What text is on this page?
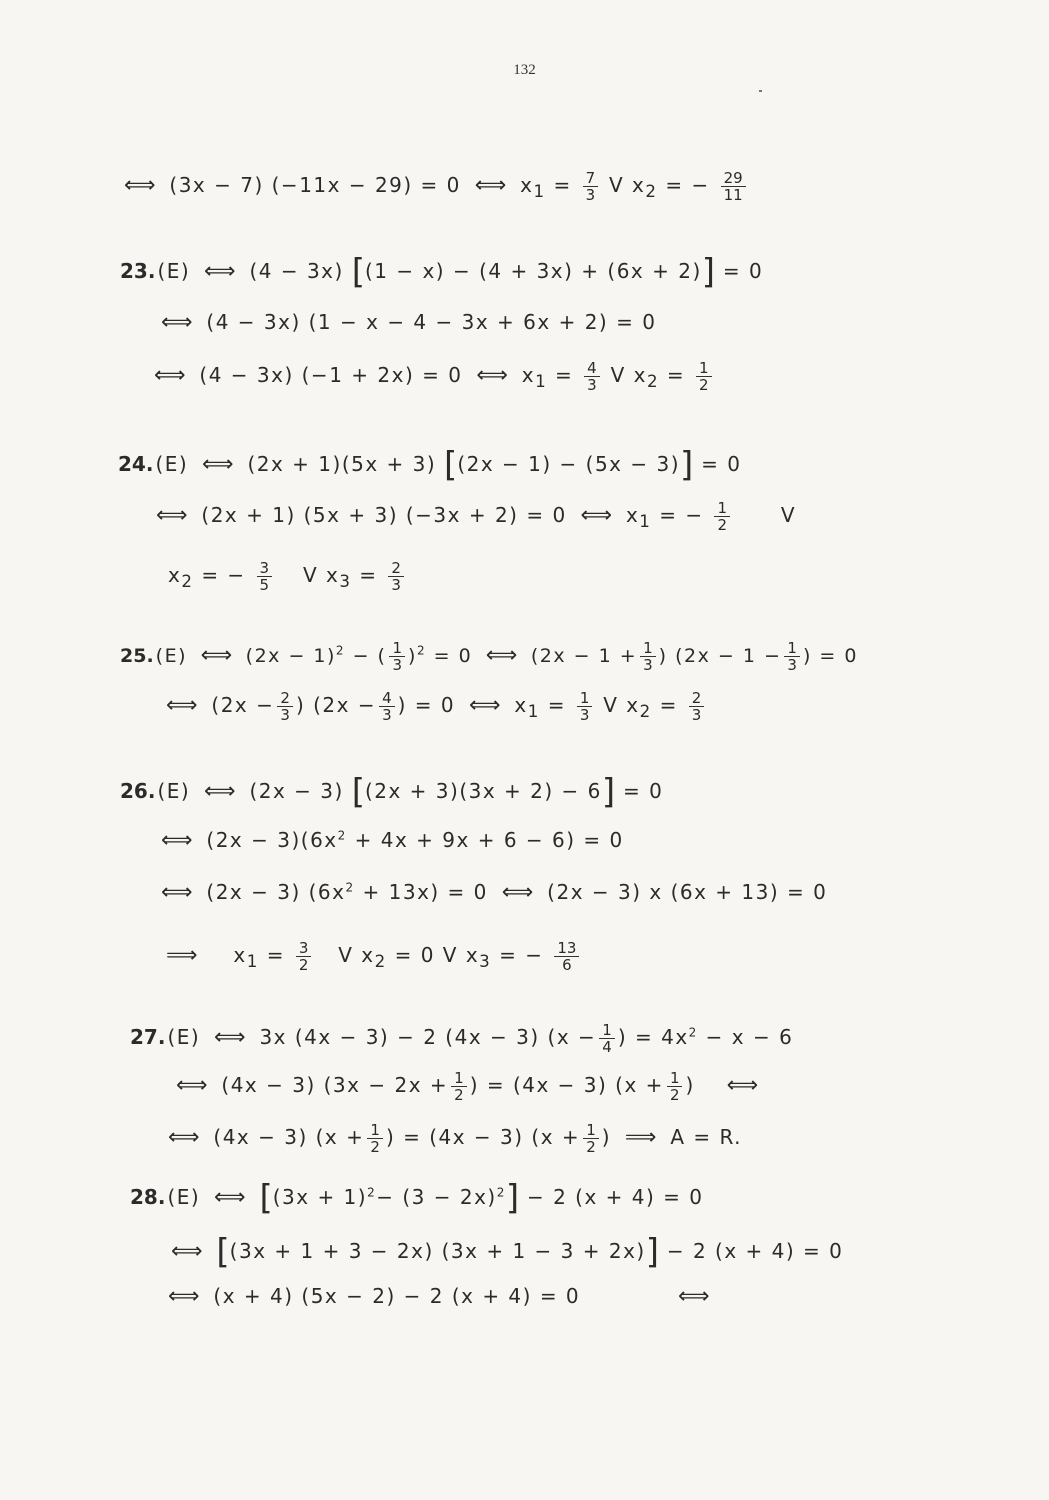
132
⟺ (3x − 7) (−11x − 29) = 0 ⟺ $x_1 = \frac{7}{3}$ V $x_2$ = − $\frac{29}{11}$
23. (E) ⟺ (4 − 3x) [(1 − x) − (4 + 3x) + (6x + 2)] = 0
⟺ (4 − 3x) (1 − x − 4 − 3x + 6x + 2) = 0
⟺ (4 − 3x) (−1 + 2x) = 0 ⟺ $x_1 = \frac{4}{3}$ V $x_2 = \frac{1}{2}$
24. (E) ⟺ (2x + 1)(5x + 3) [(2x − 1) − (5x − 3)] = 0
⟺ (2x + 1) (5x + 3) (−3x + 2) = 0 ⟺ $x_1$ = − $\frac{1}{2}$	V
$x_2$ = − $\frac{3}{5}$ V $x_3 = \frac{2}{3}$
25. (E) ⟺ $(2x - 1)^2$ − ( $\frac{1}{3} )^2 = 0$ ⟺ ($2x - 1 + \frac{1}{3}$ ) ($2x - 1 - \frac{1}{3}$ ) = 0
⟺ ($2x - \frac{2}{3}$ ) ($2x - \frac{4}{3}$ ) = 0 ⟺ $x_1 = \frac{1}{3}$ V $x_2 = \frac{2}{3}$
26. (E) ⟺ (2x − 3) [(2x + 3)(3x + 2) − 6] = 0
⟺ $(2x - 3)(6x^2 + 4x + 9x + 6 - 6) = 0$
⟺ (2x − 3) $(6x^2 + 13x) = 0$ ⟺ (2x − 3) x (6x + 13) = 0
⟹ $x_1 = \frac{3}{2}$ V $x_2 = 0$ V $x_3$ = − $\frac{13}{6}$
27. (E) ⟺ 3x (4x − 3) − 2 (4x − 3) ($x - \frac{1}{4}$ ) = $4x^2 - x - 6$
⟺ (4x − 3) ($3x - 2x + \frac{1}{2}$ ) = (4x − 3) ($x + \frac{1}{2}$ ) ⟺
⟺ (4x − 3) ($x + \frac{1}{2}$ ) = (4x − 3) ($x + \frac{1}{2}$ ) ⟹ A = R.
28. (E) ⟺ $[(3x + 1)^2- (3 - 2x)^2] - 2$ (x + 4) = 0
⟺ [(3x + 1 + 3 − 2x) (3x + 1 − 3 + 2x)] − 2 (x + 4) = 0
⟺ (x + 4) (5x − 2) − 2 (x + 4) = 0	⟺
